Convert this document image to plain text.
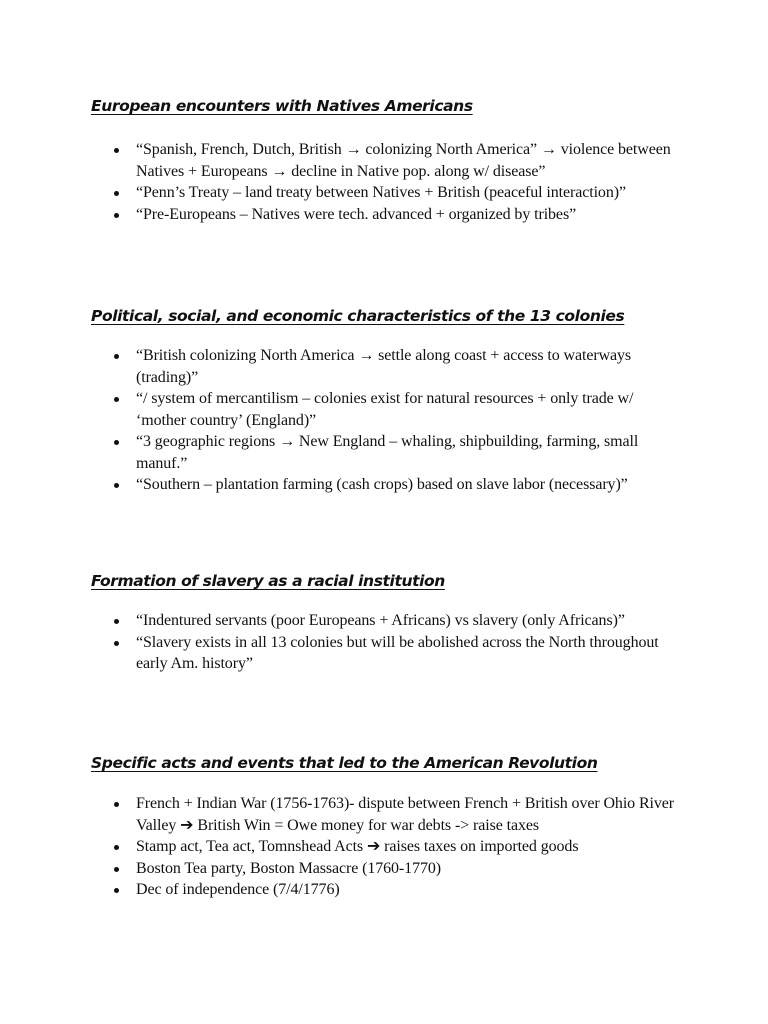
European encounters with Natives Americans
“Spanish, French, Dutch, British → colonizing North America” → violence between Natives + Europeans → decline in Native pop. along w/ disease”
“Penn’s Treaty – land treaty between Natives + British (peaceful interaction)”
“Pre-Europeans – Natives were tech. advanced + organized by tribes”
Political, social, and economic characteristics of the 13 colonies
“British colonizing North America → settle along coast + access to waterways (trading)”
“/ system of mercantilism – colonies exist for natural resources + only trade w/ ‘mother country’ (England)”
“3 geographic regions → New England – whaling, shipbuilding, farming, small manuf.”
“Southern – plantation farming (cash crops) based on slave labor (necessary)”
Formation of slavery as a racial institution
“Indentured servants (poor Europeans + Africans) vs slavery (only Africans)”
“Slavery exists in all 13 colonies but will be abolished across the North throughout early Am. history”
Specific acts and events that led to the American Revolution
French + Indian War (1756-1763)- dispute between French + British over Ohio River Valley ➔ British Win = Owe money for war debts -> raise taxes
Stamp act, Tea act, Tomnshead Acts ➔ raises taxes on imported goods
Boston Tea party, Boston Massacre (1760-1770)
Dec of independence (7/4/1776)
